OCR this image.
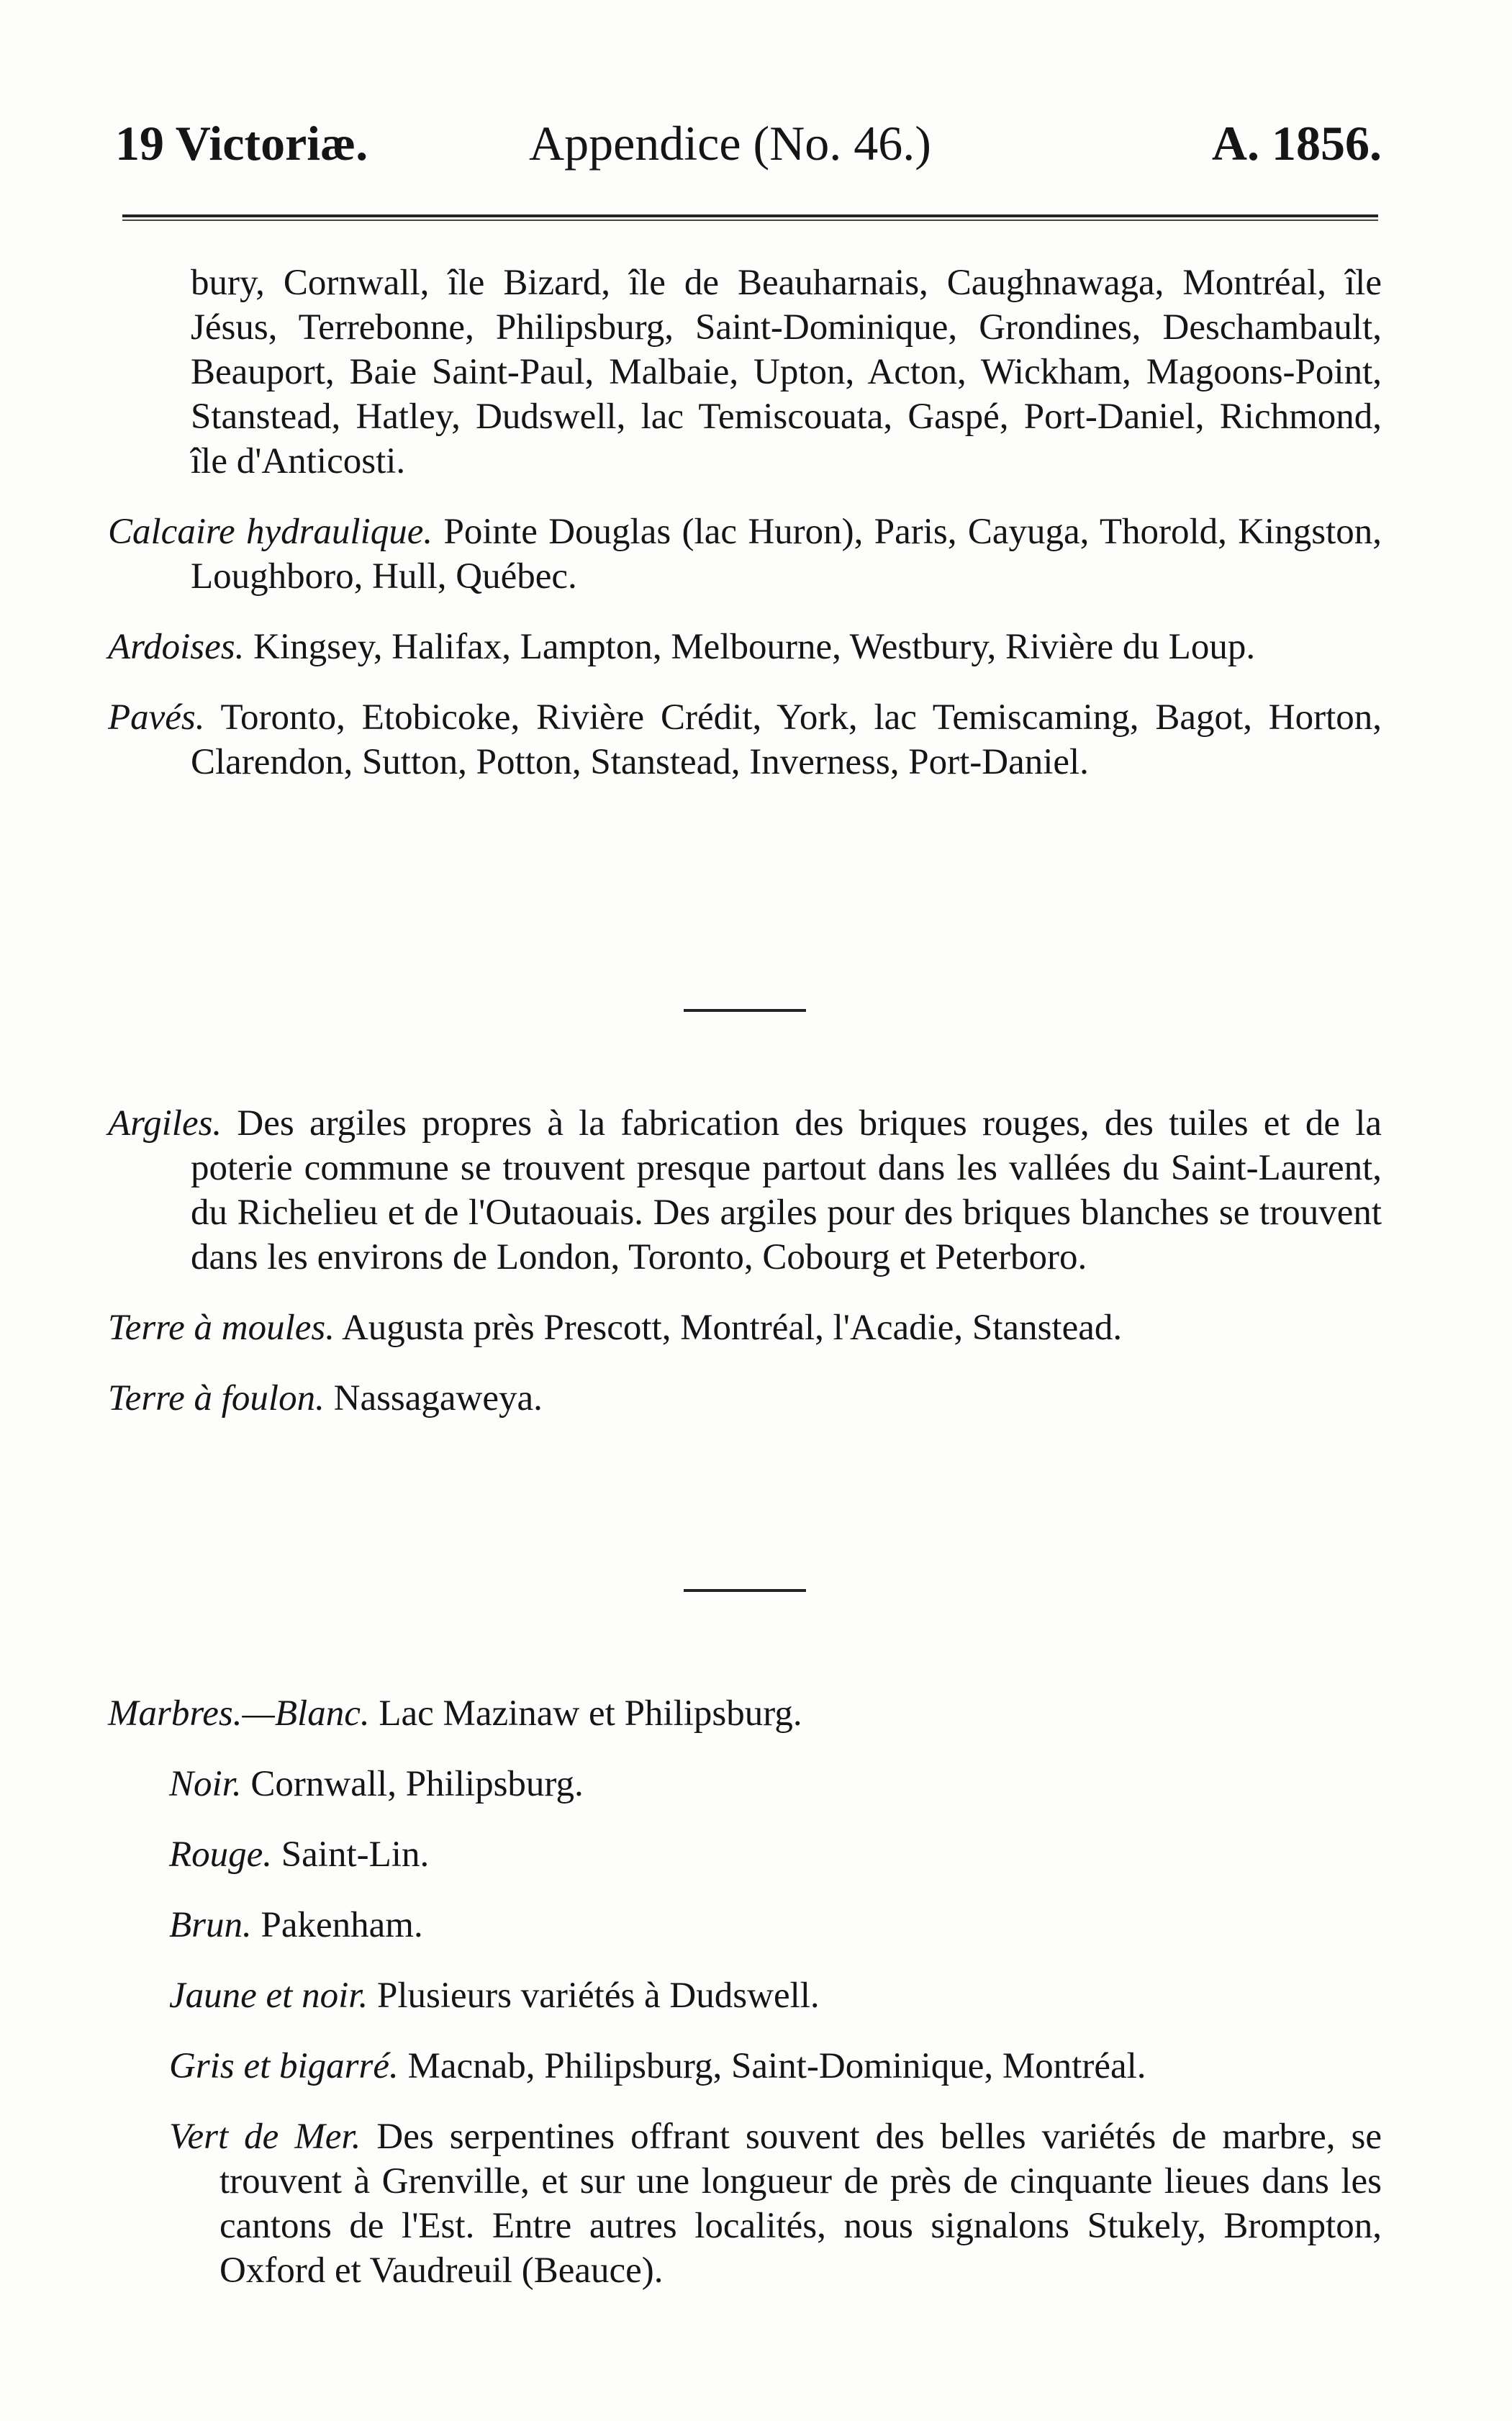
19 Victoriæ.	Appendice (No. 46.)	A. 1856.

bury, Cornwall, île Bizard, île de Beauharnais, Caughnawaga, Montréal, île Jésus, Terrebonne, Philipsburg, Saint-Dominique, Grondines, Deschambault, Beauport, Baie Saint-Paul, Malbaie, Upton, Acton, Wickham, Magoons-Point, Stanstead, Hatley, Dudswell, lac Temiscouata, Gaspé, Port-Daniel, Richmond, île d'Anticosti.

Calcaire hydraulique. Pointe Douglas (lac Huron), Paris, Cayuga, Thorold, Kingston, Loughboro, Hull, Québec.

Ardoises. Kingsey, Halifax, Lampton, Melbourne, Westbury, Rivière du Loup.

Pavés. Toronto, Etobicoke, Rivière Crédit, York, lac Temiscaming, Bagot, Horton, Clarendon, Sutton, Potton, Stanstead, Inverness, Port-Daniel.

Argiles. Des argiles propres à la fabrication des briques rouges, des tuiles et de la poterie commune se trouvent presque partout dans les vallées du Saint-Laurent, du Richelieu et de l'Outaouais. Des argiles pour des briques blanches se trouvent dans les environs de London, Toronto, Cobourg et Peterboro.

Terre à moules. Augusta près Prescott, Montréal, l'Acadie, Stanstead.

Terre à foulon. Nassagaweya.

Marbres.—Blanc. Lac Mazinaw et Philipsburg.

Noir. Cornwall, Philipsburg.

Rouge. Saint-Lin.

Brun. Pakenham.

Jaune et noir. Plusieurs variétés à Dudswell.

Gris et bigarré. Macnab, Philipsburg, Saint-Dominique, Montréal.

Vert de Mer. Des serpentines offrant souvent des belles variétés de marbre, se trouvent à Grenville, et sur une longueur de près de cinquante lieues dans les cantons de l'Est. Entre autres localités, nous signalons Stukely, Brompton, Oxford et Vaudreuil (Beauce).
